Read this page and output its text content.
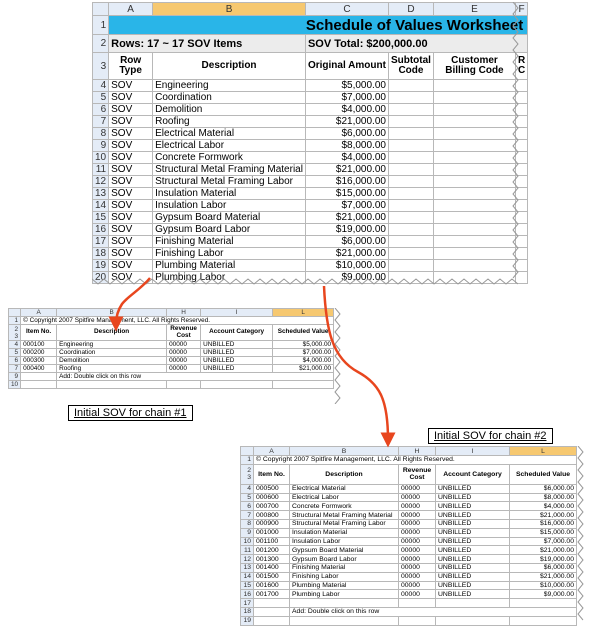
	A	B	C	D	E	F
1	Schedule of Values Worksheet					
2	Rows: 17 ~ 17 SOV Items		SOV Total: $200,000.00			
3	Row Type	Description	Original Amount	Subtotal Code	Customer Billing Code	R C
4	SOV	Engineering	$5,000.00			
5	SOV	Coordination	$7,000.00			
6	SOV	Demolition	$4,000.00			
7	SOV	Roofing	$21,000.00			
8	SOV	Electrical Material	$6,000.00			
9	SOV	Electrical Labor	$8,000.00			
10	SOV	Concrete Formwork	$4,000.00			
11	SOV	Structural Metal Framing Material	$21,000.00			
12	SOV	Structural Metal Framing Labor	$16,000.00			
13	SOV	Insulation Material	$15,000.00			
14	SOV	Insulation Labor	$7,000.00			
15	SOV	Gypsum Board Material	$21,000.00			
16	SOV	Gypsum Board Labor	$19,000.00			
17	SOV	Finishing Material	$6,000.00			
18	SOV	Finishing Labor	$21,000.00			
19	SOV	Plumbing Material	$10,000.00			
20	SOV	Plumbing Labor	$9,000.00			
	A	B	H	I	L
1	© Copyright 2007 Spitfire Management, LLC. All Rights Reserved.				
2
3	Item No.	Description	Revenue Cost	Account Category	Scheduled Value
4	000100	Engineering	00000	UNBILLED	$5,000.00
5	000200	Coordination	00000	UNBILLED	$7,000.00
6	000300	Demolition	00000	UNBILLED	$4,000.00
7	000400	Roofing	00000	UNBILLED	$21,000.00
9		Add: Double click on this row			
10					
	A	B	H	I	L
1	© Copyright 2007 Spitfire Management, LLC. All Rights Reserved.				
2
3	Item No.	Description	Revenue Cost	Account Category	Scheduled Value
4	000500	Electrical Material	00000	UNBILLED	$6,000.00
5	000600	Electrical Labor	00000	UNBILLED	$8,000.00
6	000700	Concrete Formwork	00000	UNBILLED	$4,000.00
7	000800	Structural Metal Framing Material	00000	UNBILLED	$21,000.00
8	000900	Structural Metal Framing Labor	00000	UNBILLED	$16,000.00
9	001000	Insulation Material	00000	UNBILLED	$15,000.00
10	001100	Insulation Labor	00000	UNBILLED	$7,000.00
11	001200	Gypsum Board Material	00000	UNBILLED	$21,000.00
12	001300	Gypsum Board Labor	00000	UNBILLED	$19,000.00
13	001400	Finishing Material	00000	UNBILLED	$6,000.00
14	001500	Finishing Labor	00000	UNBILLED	$21,000.00
15	001600	Plumbing Material	00000	UNBILLED	$10,000.00
16	001700	Plumbing Labor	00000	UNBILLED	$9,000.00
17					
18		Add: Double click on this row			
19					
Initial SOV for chain #1
Initial SOV for chain #2
